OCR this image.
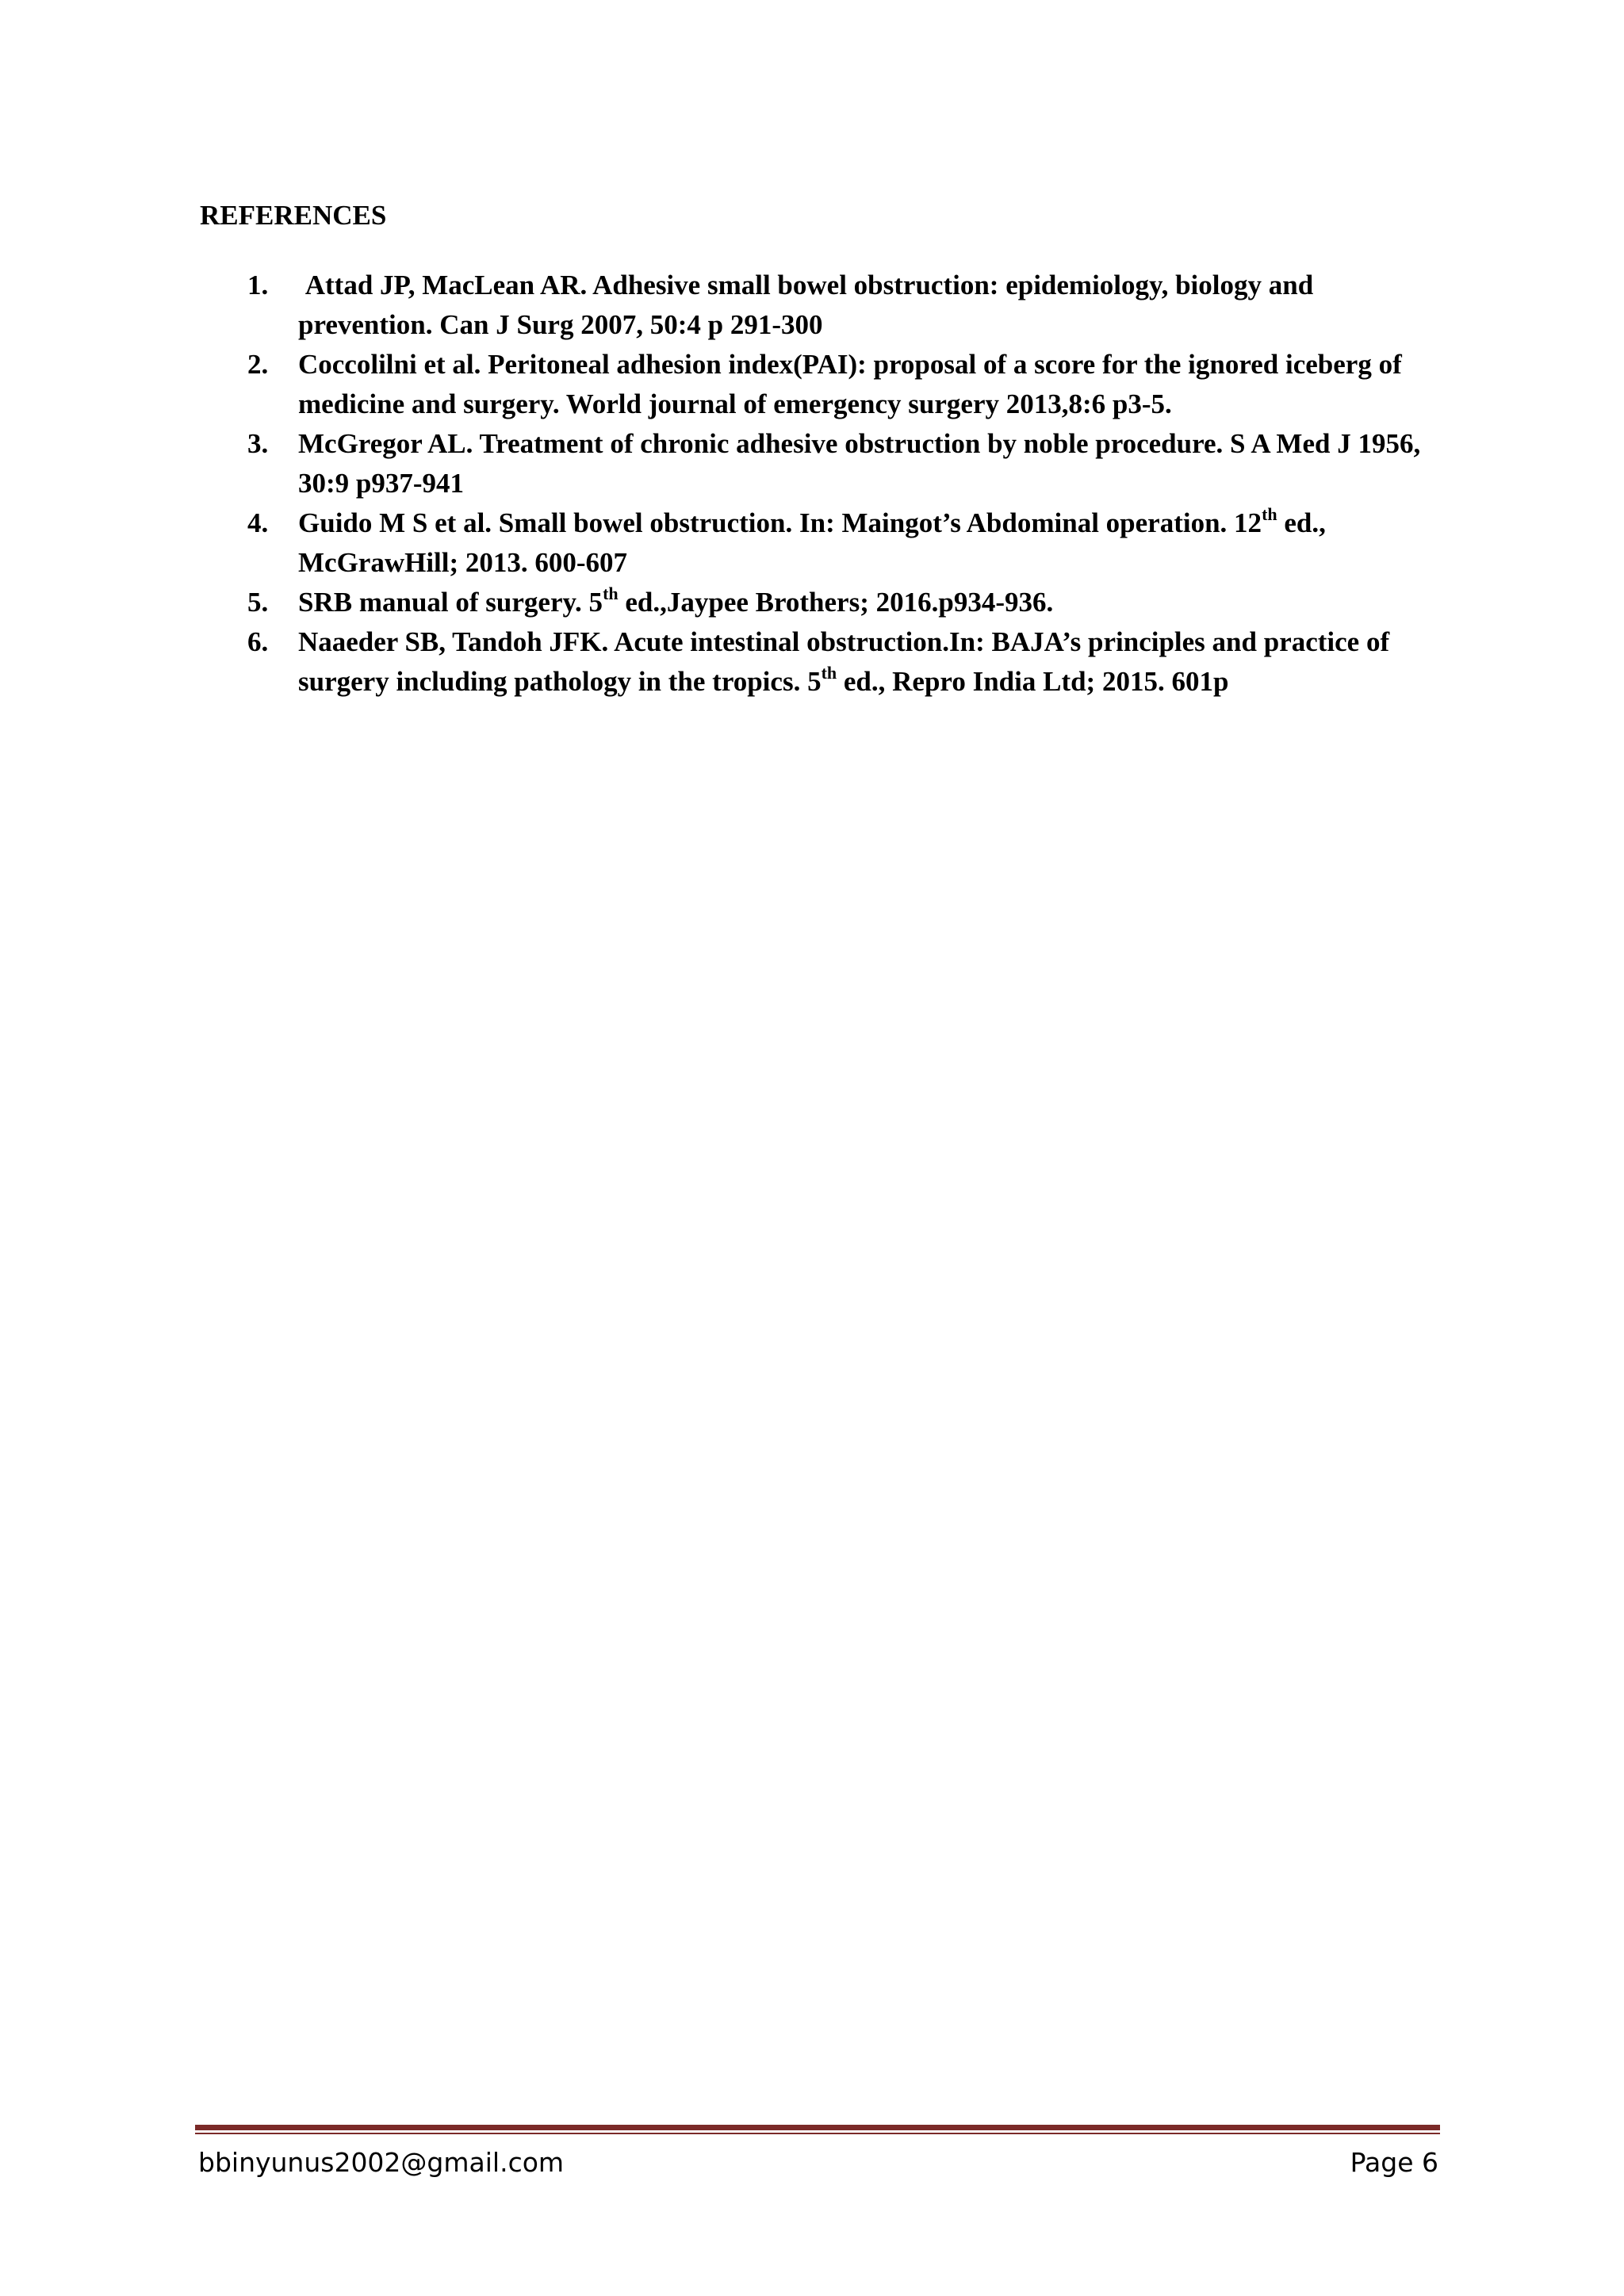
REFERENCES
1.	Attad JP, MacLean AR. Adhesive small bowel obstruction: epidemiology, biology and prevention. Can J Surg 2007, 50:4 p 291-300
2.	Coccolilni et al. Peritoneal adhesion index(PAI): proposal of a score for the ignored iceberg of medicine and surgery. World journal of emergency surgery 2013,8:6 p3-5.
3.	McGregor AL. Treatment of chronic adhesive obstruction by noble procedure. S A Med J 1956, 30:9 p937-941
4.	Guido M S et al. Small bowel obstruction. In: Maingot’s Abdominal operation. 12th ed., McGrawHill; 2013. 600-607
5.	SRB manual of surgery. 5th ed.,Jaypee Brothers; 2016.p934-936.
6.	Naaeder SB, Tandoh JFK. Acute intestinal obstruction.In: BAJA’s principles and practice of surgery including pathology in the tropics. 5th ed., Repro India Ltd; 2015. 601p
bbinyunus2002@gmail.com	Page 6
